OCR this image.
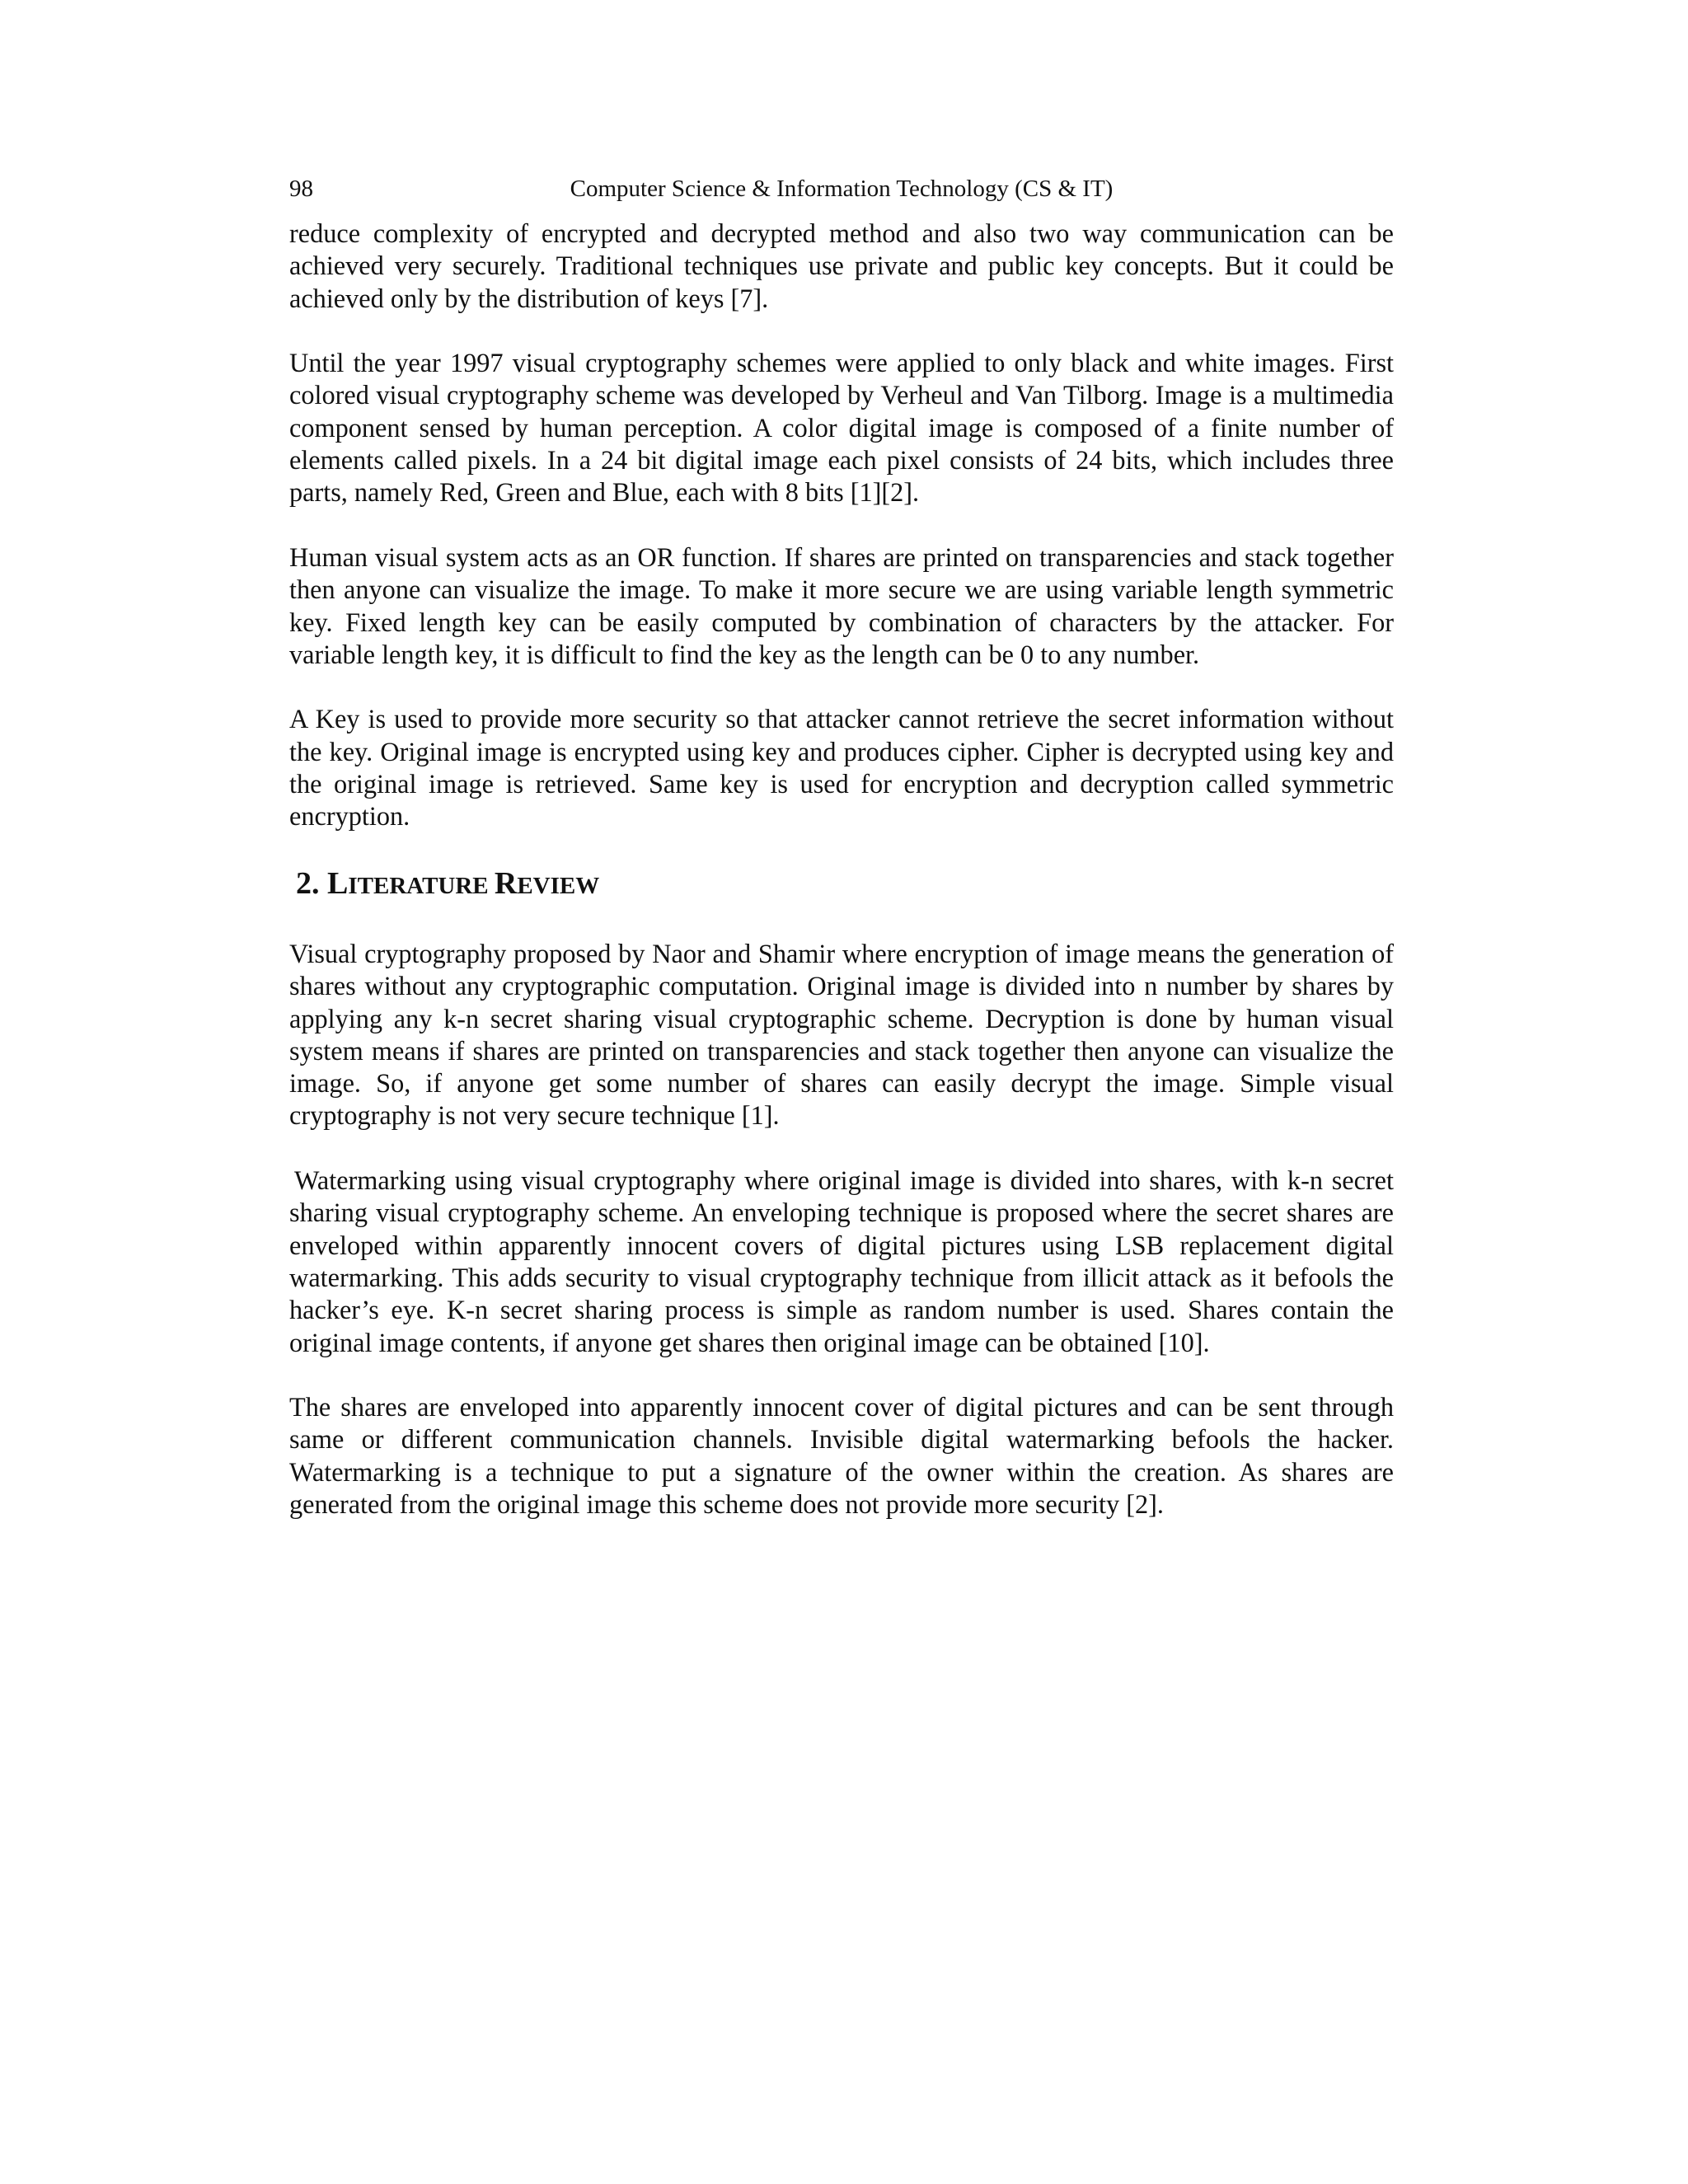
98	Computer Science & Information Technology (CS & IT)

reduce complexity of encrypted and decrypted method and also two way communication can be achieved very securely. Traditional techniques use private and public key concepts. But it could be achieved only by the distribution of keys [7].

Until the year 1997 visual cryptography schemes were applied to only black and white images. First colored visual cryptography scheme was developed by Verheul and Van Tilborg. Image is a multimedia component sensed by human perception. A color digital image is composed of a finite number of elements called pixels. In a 24 bit digital image each pixel consists of 24 bits, which includes three parts, namely Red, Green and Blue, each with 8 bits [1][2].

Human visual system acts as an OR function. If shares are printed on transparencies and stack together then anyone can visualize the image. To make it more secure we are using variable length symmetric key. Fixed length key can be easily computed by combination of characters by the attacker. For variable length key, it is difficult to find the key as the length can be 0 to any number.

A Key is used to provide more security so that attacker cannot retrieve the secret information without the key. Original image is encrypted using key and produces cipher. Cipher is decrypted using key and the original image is retrieved. Same key is used for encryption and decryption called symmetric encryption.

2. LITERATURE REVIEW

Visual cryptography proposed by Naor and Shamir where encryption of image means the generation of shares without any cryptographic computation. Original image is divided into n number by shares by applying any k-n secret sharing visual cryptographic scheme. Decryption is done by human visual system means if shares are printed on transparencies and stack together then anyone can visualize the image. So, if anyone get some number of shares can easily decrypt the image. Simple visual cryptography is not very secure technique [1].

Watermarking using visual cryptography where original image is divided into shares, with k-n secret sharing visual cryptography scheme. An enveloping technique is proposed where the secret shares are enveloped within apparently innocent covers of digital pictures using LSB replacement digital watermarking. This adds security to visual cryptography technique from illicit attack as it befools the hacker’s eye. K-n secret sharing process is simple as random number is used. Shares contain the original image contents, if anyone get shares then original image can be obtained [10].

The shares are enveloped into apparently innocent cover of digital pictures and can be sent through same or different communication channels. Invisible digital watermarking befools the hacker. Watermarking is a technique to put a signature of the owner within the creation. As shares are generated from the original image this scheme does not provide more security [2].
